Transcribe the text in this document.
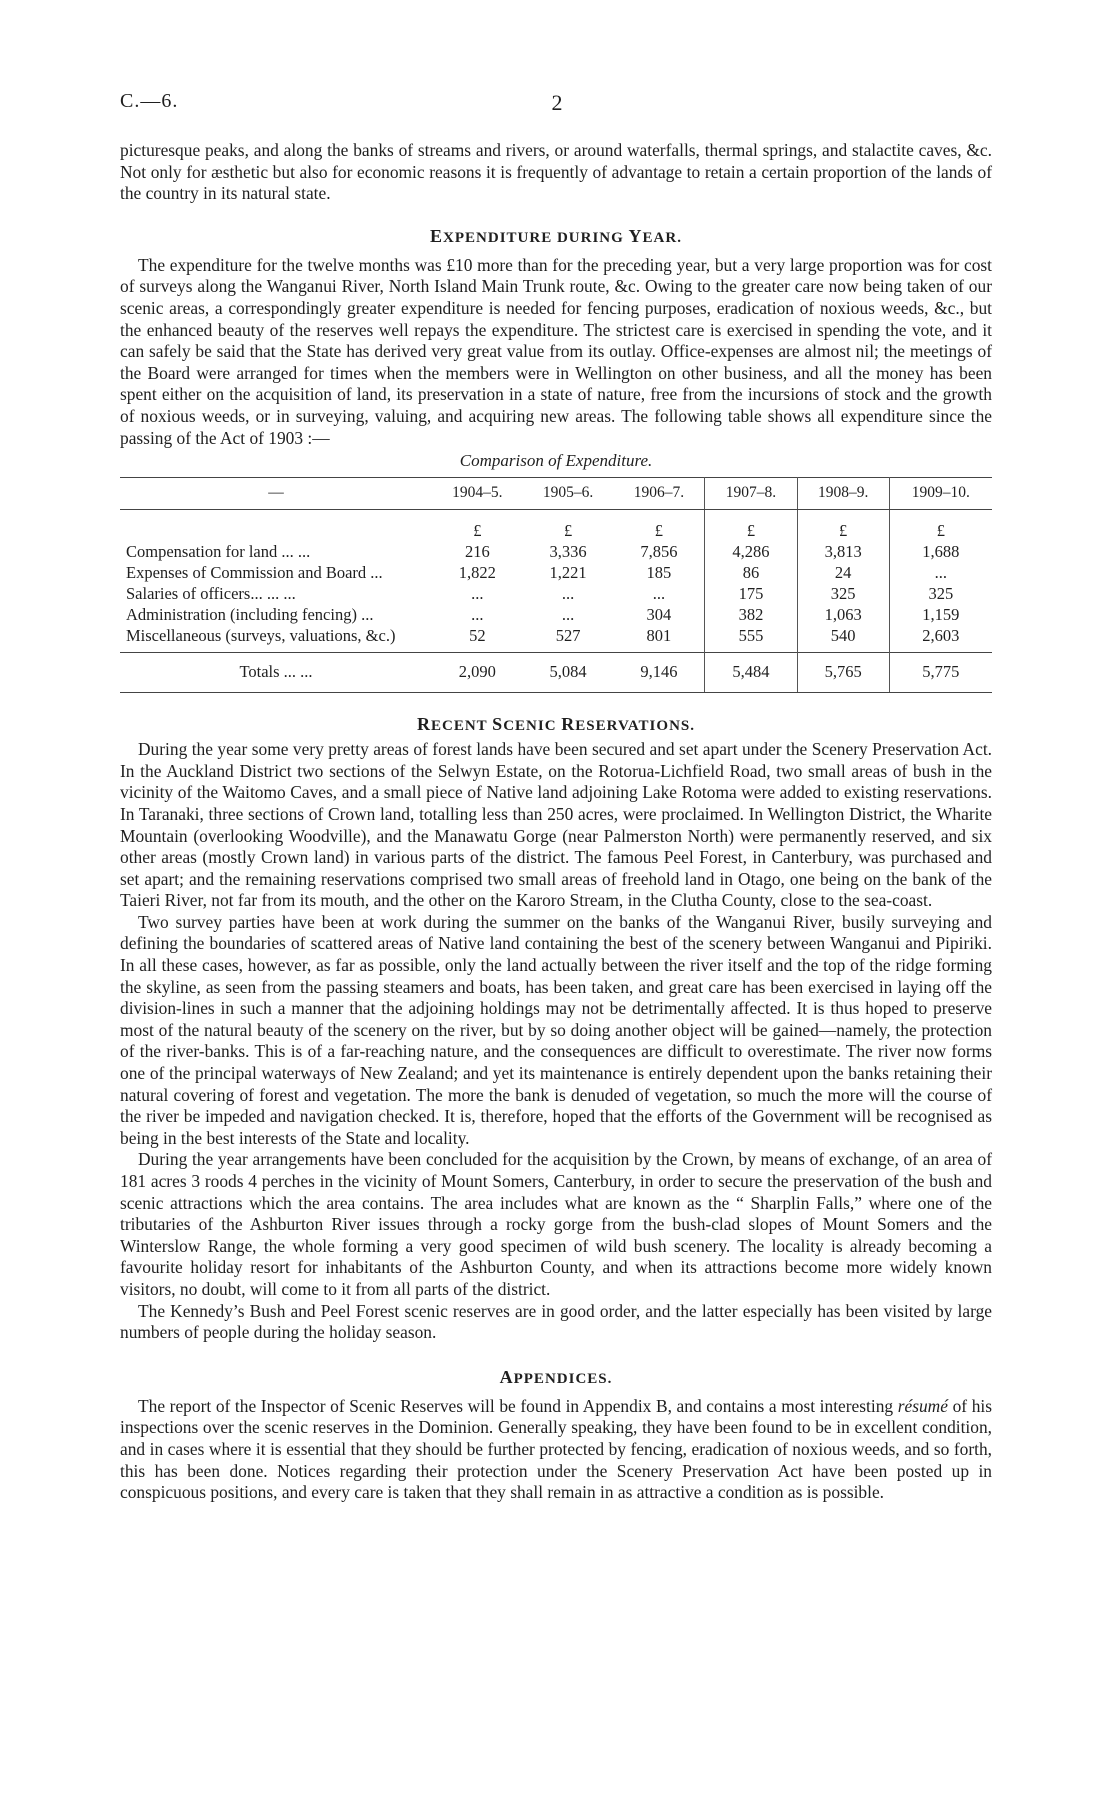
C.—6.	2

picturesque peaks, and along the banks of streams and rivers, or around waterfalls, thermal springs, and stalactite caves, &c. Not only for æsthetic but also for economic reasons it is frequently of advantage to retain a certain proportion of the lands of the country in its natural state.

EXPENDITURE DURING YEAR.

The expenditure for the twelve months was £10 more than for the preceding year, but a very large proportion was for cost of surveys along the Wanganui River, North Island Main Trunk route, &c. Owing to the greater care now being taken of our scenic areas, a correspondingly greater expenditure is needed for fencing purposes, eradication of noxious weeds, &c., but the enhanced beauty of the reserves well repays the expenditure. The strictest care is exercised in spending the vote, and it can safely be said that the State has derived very great value from its outlay. Office-expenses are almost nil; the meetings of the Board were arranged for times when the members were in Wellington on other business, and all the money has been spent either on the acquisition of land, its preservation in a state of nature, free from the incursions of stock and the growth of noxious weeds, or in surveying, valuing, and acquiring new areas. The following table shows all expenditure since the passing of the Act of 1903 :—

Comparison of Expenditure.
—	1904–5.	1905–6.	1906–7.	1907–8.	1908–9.	1909–10.
	£	£	£	£	£	£
Compensation for land ... ...	216	3,336	7,856	4,286	3,813	1,688
Expenses of Commission and Board ...	1,822	1,221	185	86	24	...
Salaries of officers... ... ...	...	...	...	175	325	325
Administration (including fencing) ...	...	...	304	382	1,063	1,159
Miscellaneous (surveys, valuations, &c.)	52	527	801	555	540	2,603

Totals ... ...	2,090	5,084	9,146	5,484	5,765	5,775
RECENT SCENIC RESERVATIONS.

During the year some very pretty areas of forest lands have been secured and set apart under the Scenery Preservation Act. In the Auckland District two sections of the Selwyn Estate, on the Rotorua-Lichfield Road, two small areas of bush in the vicinity of the Waitomo Caves, and a small piece of Native land adjoining Lake Rotoma were added to existing reservations. In Taranaki, three sections of Crown land, totalling less than 250 acres, were proclaimed. In Wellington District, the Wharite Mountain (overlooking Woodville), and the Manawatu Gorge (near Palmerston North) were permanently reserved, and six other areas (mostly Crown land) in various parts of the district. The famous Peel Forest, in Canterbury, was purchased and set apart; and the remaining reservations comprised two small areas of freehold land in Otago, one being on the bank of the Taieri River, not far from its mouth, and the other on the Karoro Stream, in the Clutha County, close to the sea-coast.

Two survey parties have been at work during the summer on the banks of the Wanganui River, busily surveying and defining the boundaries of scattered areas of Native land containing the best of the scenery between Wanganui and Pipiriki. In all these cases, however, as far as possible, only the land actually between the river itself and the top of the ridge forming the skyline, as seen from the passing steamers and boats, has been taken, and great care has been exercised in laying off the division-lines in such a manner that the adjoining holdings may not be detrimentally affected. It is thus hoped to preserve most of the natural beauty of the scenery on the river, but by so doing another object will be gained—namely, the protection of the river-banks. This is of a far-reaching nature, and the consequences are difficult to overestimate. The river now forms one of the principal waterways of New Zealand; and yet its maintenance is entirely dependent upon the banks retaining their natural covering of forest and vegetation. The more the bank is denuded of vegetation, so much the more will the course of the river be impeded and navigation checked. It is, therefore, hoped that the efforts of the Government will be recognised as being in the best interests of the State and locality.

During the year arrangements have been concluded for the acquisition by the Crown, by means of exchange, of an area of 181 acres 3 roods 4 perches in the vicinity of Mount Somers, Canterbury, in order to secure the preservation of the bush and scenic attractions which the area contains. The area includes what are known as the “ Sharplin Falls,” where one of the tributaries of the Ashburton River issues through a rocky gorge from the bush-clad slopes of Mount Somers and the Winterslow Range, the whole forming a very good specimen of wild bush scenery. The locality is already becoming a favourite holiday resort for inhabitants of the Ashburton County, and when its attractions become more widely known visitors, no doubt, will come to it from all parts of the district.

The Kennedy’s Bush and Peel Forest scenic reserves are in good order, and the latter especially has been visited by large numbers of people during the holiday season.

APPENDICES.

The report of the Inspector of Scenic Reserves will be found in Appendix B, and contains a most interesting résumé of his inspections over the scenic reserves in the Dominion. Generally speaking, they have been found to be in excellent condition, and in cases where it is essential that they should be further protected by fencing, eradication of noxious weeds, and so forth, this has been done. Notices regarding their protection under the Scenery Preservation Act have been posted up in conspicuous positions, and every care is taken that they shall remain in as attractive a condition as is possible.
